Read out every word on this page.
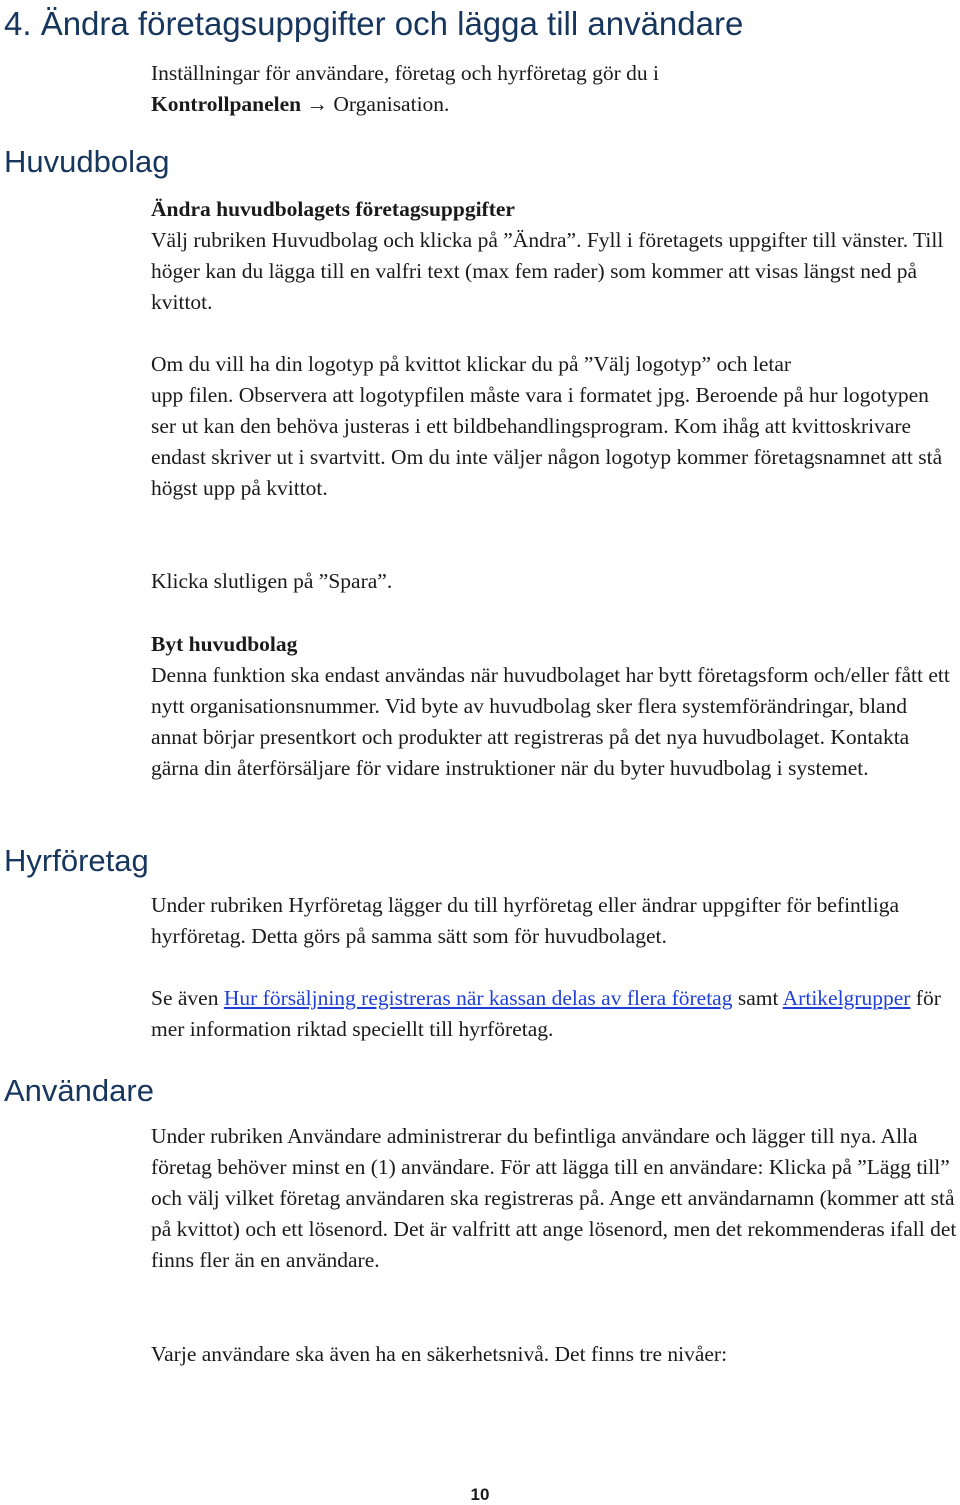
4. Ändra företagsuppgifter och lägga till användare

Inställningar för användare, företag och hyrföretag gör du i
Kontrollpanelen → Organisation.

Huvudbolag

Ändra huvudbolagets företagsuppgifter
Välj rubriken Huvudbolag och klicka på ”Ändra”. Fyll i företagets uppgifter till vänster. Till höger kan du lägga till en valfri text (max fem rader) som kommer att visas längst ned på kvittot.

Om du vill ha din logotyp på kvittot klickar du på ”Välj logotyp” och letar
upp filen. Observera att logotypfilen måste vara i formatet jpg. Beroende på hur logotypen ser ut kan den behöva justeras i ett bildbehandlingsprogram. Kom ihåg att kvittoskrivare endast skriver ut i svartvitt. Om du inte väljer någon logotyp kommer företagsnamnet att stå högst upp på kvittot.

Klicka slutligen på ”Spara”.

Byt huvudbolag
Denna funktion ska endast användas när huvudbolaget har bytt företagsform och/eller fått ett nytt organisationsnummer. Vid byte av huvudbolag sker flera systemförändringar, bland annat börjar presentkort och produkter att registreras på det nya huvudbolaget. Kontakta gärna din återförsäljare för vidare instruktioner när du byter huvudbolag i systemet.

Hyrföretag

Under rubriken Hyrföretag lägger du till hyrföretag eller ändrar uppgifter för befintliga hyrföretag. Detta görs på samma sätt som för huvudbolaget.

Se även Hur försäljning registreras när kassan delas av flera företag samt Artikelgrupper för mer information riktad speciellt till hyrföretag.

Användare

Under rubriken Användare administrerar du befintliga användare och lägger till nya. Alla företag behöver minst en (1) användare. För att lägga till en användare: Klicka på ”Lägg till” och välj vilket företag användaren ska registreras på. Ange ett användarnamn (kommer att stå på kvittot) och ett lösenord. Det är valfritt att ange lösenord, men det rekommenderas ifall det finns fler än en användare.

Varje användare ska även ha en säkerhetsnivå. Det finns tre nivåer:

10
